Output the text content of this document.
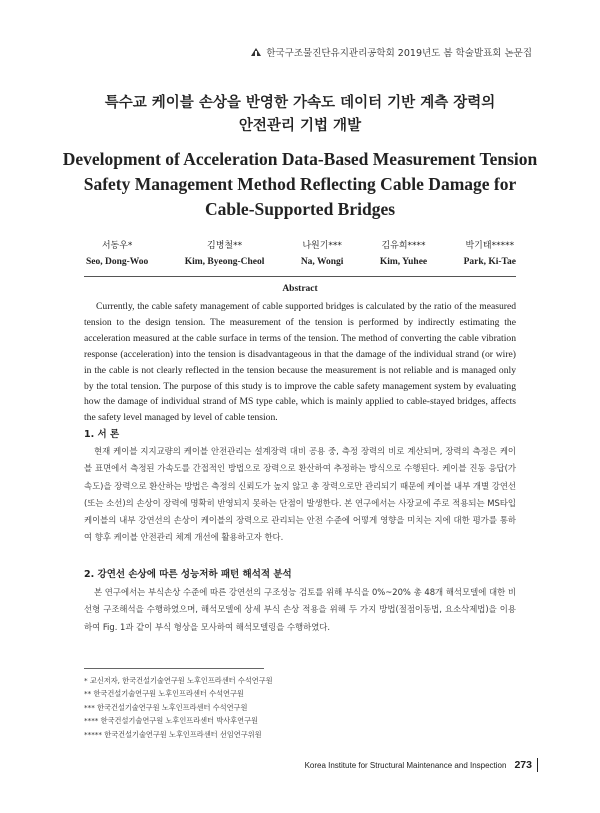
한국구조물진단유지관리공학회 2019년도 봄 학술발표회 논문집
특수교 케이블 손상을 반영한 가속도 데이터 기반 계측 장력의
안전관리 기법 개발
Development of Acceleration Data-Based Measurement Tension
Safety Management Method Reflecting Cable Damage for
Cable-Supported Bridges
서동우*
Seo, Dong-Woo
김병철**
Kim, Byeong-Cheol
나원기***
Na, Wongi
김유희****
Kim, Yuhee
박기태*****
Park, Ki-Tae
Abstract

Currently, the cable safety management of cable supported bridges is calculated by the ratio of the measured tension to the design tension. The measurement of the tension is performed by indirectly estimating the acceleration measured at the cable surface in terms of the tension. The method of converting the cable vibration response (acceleration) into the tension is disadvantageous in that the damage of the individual strand (or wire) in the cable is not clearly reflected in the tension because the measurement is not reliable and is managed only by the total tension. The purpose of this study is to improve the cable safety management system by evaluating how the damage of individual strand of MS type cable, which is mainly applied to cable-stayed bridges, affects the safety level managed by level of cable tension.

1. 서 론

현재 케이블 지지교량의 케이블 안전관리는 설계장력 대비 공용 중, 측정 장력의 비로 계산되며, 장력의 측정은 케이블 표면에서 측정된 가속도를 간접적인 방법으로 장력으로 환산하여 추정하는 방식으로 수행된다. 케이블 진동 응답(가속도)을 장력으로 환산하는 방법은 측정의 신뢰도가 높지 않고 총 장력으로만 관리되기 때문에 케이블 내부 개별 강연선(또는 소선)의 손상이 장력에 명확히 반영되지 못하는 단점이 발생한다. 본 연구에서는 사장교에 주로 적용되는 MS타입 케이블의 내부 강연선의 손상이 케이블의 장력으로 관리되는 안전 수준에 어떻게 영향을 미치는 지에 대한 평가를 통하여 향후 케이블 안전관리 체계 개선에 활용하고자 한다.

2. 강연선 손상에 따른 성능저하 패턴 해석적 분석

본 연구에서는 부식손상 수준에 따른 강연선의 구조성능 검토를 위해 부식을 0%~20% 총 48개 해석모델에 대한 비선형 구조해석을 수행하였으며, 해석모델에 상세 부식 손상 적용을 위해 두 가지 방법(절점이동법, 요소삭제법)을 이용하여 Fig. 1과 같이 부식 형상을 모사하여 해석모델링을 수행하였다.

* 교신저자, 한국건설기술연구원 노후인프라센터 수석연구원
** 한국건설기술연구원 노후인프라센터 수석연구원
*** 한국건설기술연구원 노후인프라센터 수석연구원
**** 한국건설기술연구원 노후인프라센터 박사후연구원
***** 한국건설기술연구원 노후인프라센터 선임연구위원
Korea Institute for Structural Maintenance and Inspection 273
